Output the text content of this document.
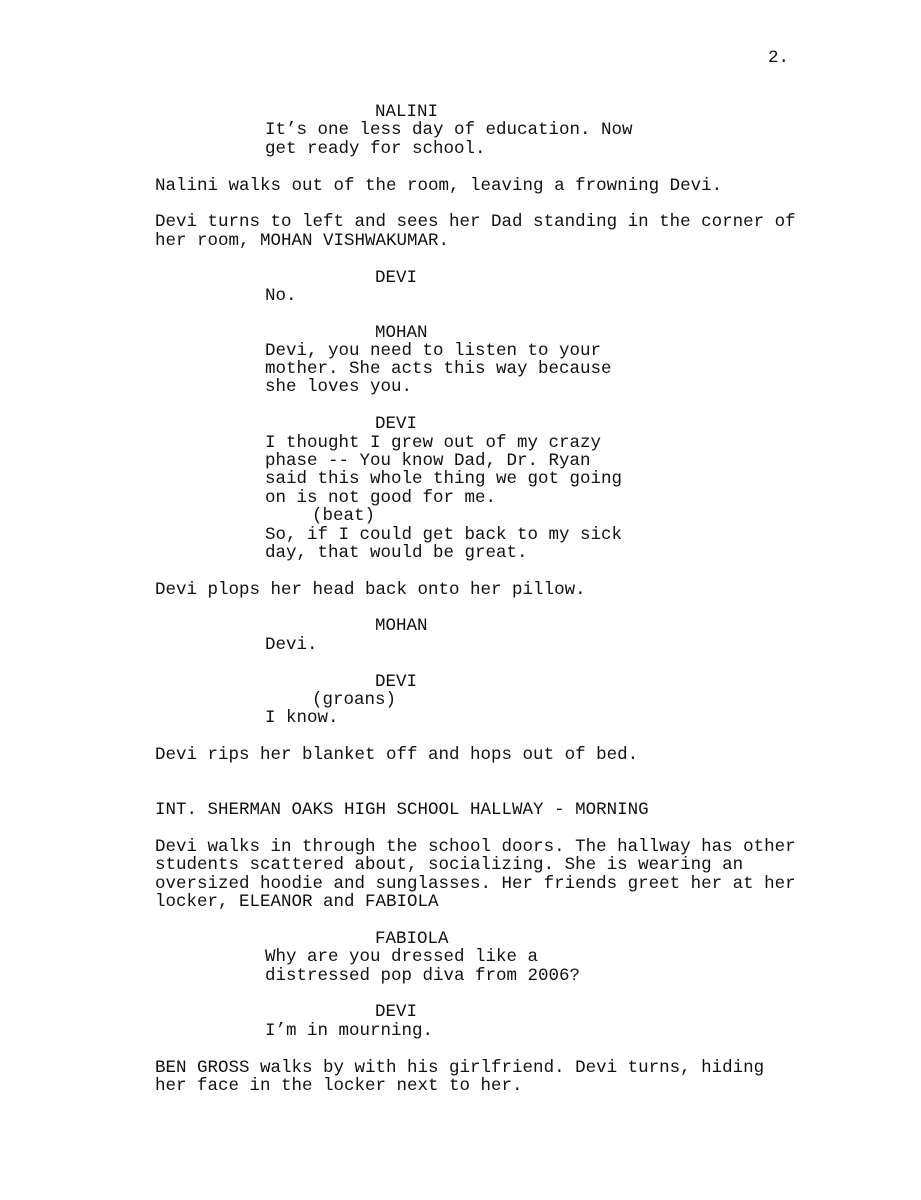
2.
NALINI
It’s one less day of education. Now
get ready for school.
Nalini walks out of the room, leaving a frowning Devi.
Devi turns to left and sees her Dad standing in the corner of
her room, MOHAN VISHWAKUMAR.
DEVI
No.
MOHAN
Devi, you need to listen to your
mother. She acts this way because
she loves you.
DEVI
I thought I grew out of my crazy
phase -- You know Dad, Dr. Ryan
said this whole thing we got going
on is not good for me.
(beat)
So, if I could get back to my sick
day, that would be great.
Devi plops her head back onto her pillow.
MOHAN
Devi.
DEVI
(groans)
I know.
Devi rips her blanket off and hops out of bed.
INT. SHERMAN OAKS HIGH SCHOOL HALLWAY - MORNING
Devi walks in through the school doors. The hallway has other
students scattered about, socializing. She is wearing an
oversized hoodie and sunglasses. Her friends greet her at her
locker, ELEANOR and FABIOLA
FABIOLA
Why are you dressed like a
distressed pop diva from 2006?
DEVI
I’m in mourning.
BEN GROSS walks by with his girlfriend. Devi turns, hiding
her face in the locker next to her.
